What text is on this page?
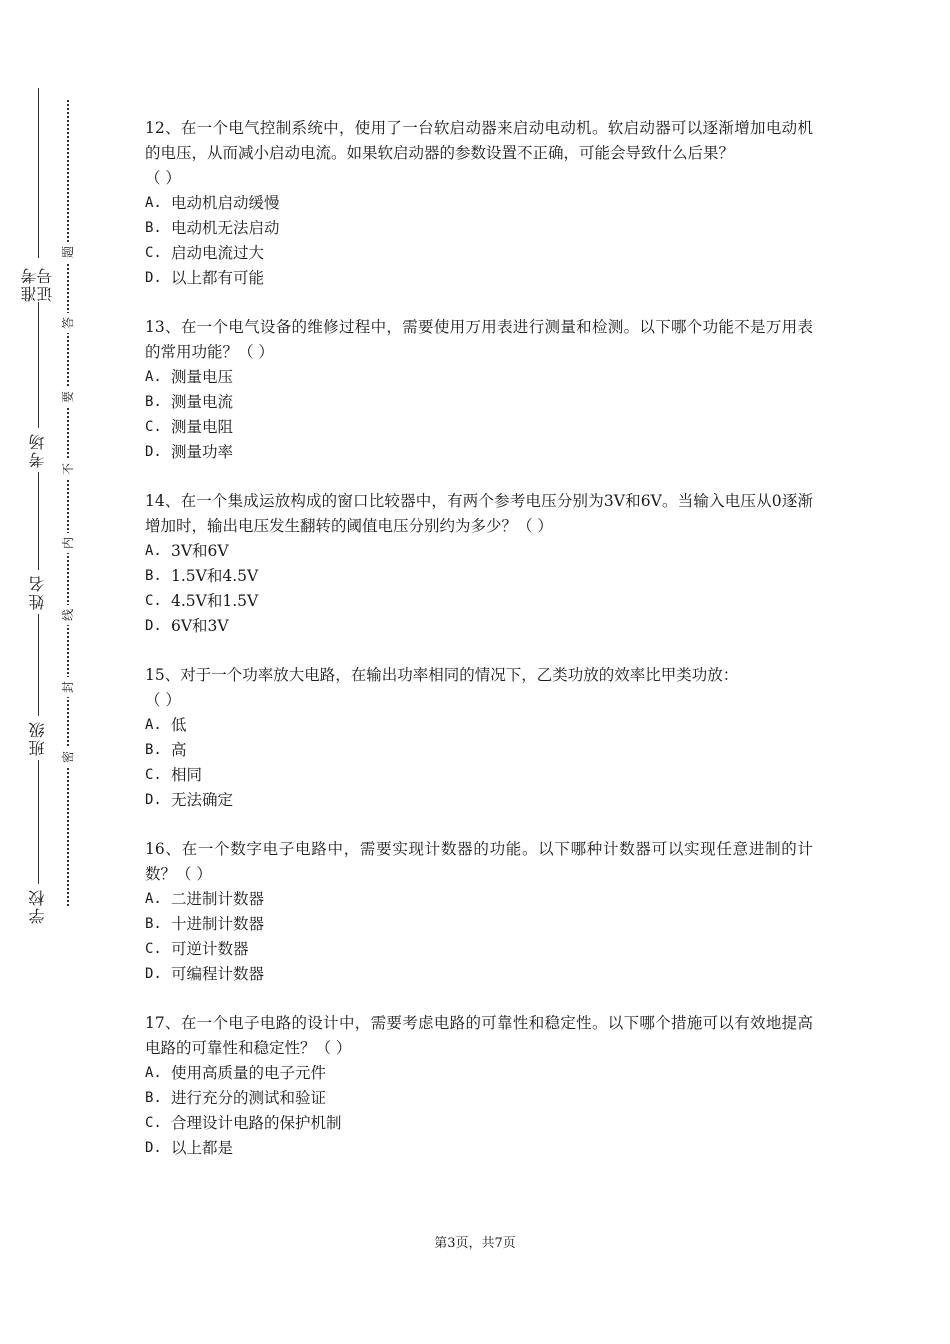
准考证号
考场
姓名
班级
学校
题
答
要
不
内
线
封
密

12、在一个电气控制系统中，使用了一台软启动器来启动电动机。软启动器可以逐渐增加电动机的电压，从而减小启动电流。如果软启动器的参数设置不正确，可能会导致什么后果？

（ ）

A. 电动机启动缓慢

B. 电动机无法启动

C. 启动电流过大

D. 以上都有可能

13、在一个电气设备的维修过程中，需要使用万用表进行测量和检测。以下哪个功能不是万用表的常用功能？（ ）

A. 测量电压

B. 测量电流

C. 测量电阻

D. 测量功率

14、在一个集成运放构成的窗口比较器中，有两个参考电压分别为3V和6V。当输入电压从0逐渐增加时，输出电压发生翻转的阈值电压分别约为多少？（ ）

A. 3V和6V

B. 1.5V和4.5V

C. 4.5V和1.5V

D. 6V和3V

15、对于一个功率放大电路，在输出功率相同的情况下，乙类功放的效率比甲类功放：

（ ）

A. 低

B. 高

C. 相同

D. 无法确定

16、在一个数字电子电路中，需要实现计数器的功能。以下哪种计数器可以实现任意进制的计数？（ ）

A. 二进制计数器

B. 十进制计数器

C. 可逆计数器

D. 可编程计数器

17、在一个电子电路的设计中，需要考虑电路的可靠性和稳定性。以下哪个措施可以有效地提高电路的可靠性和稳定性？（ ）

A. 使用高质量的电子元件

B. 进行充分的测试和验证

C. 合理设计电路的保护机制

D. 以上都是

第3页，共7页
